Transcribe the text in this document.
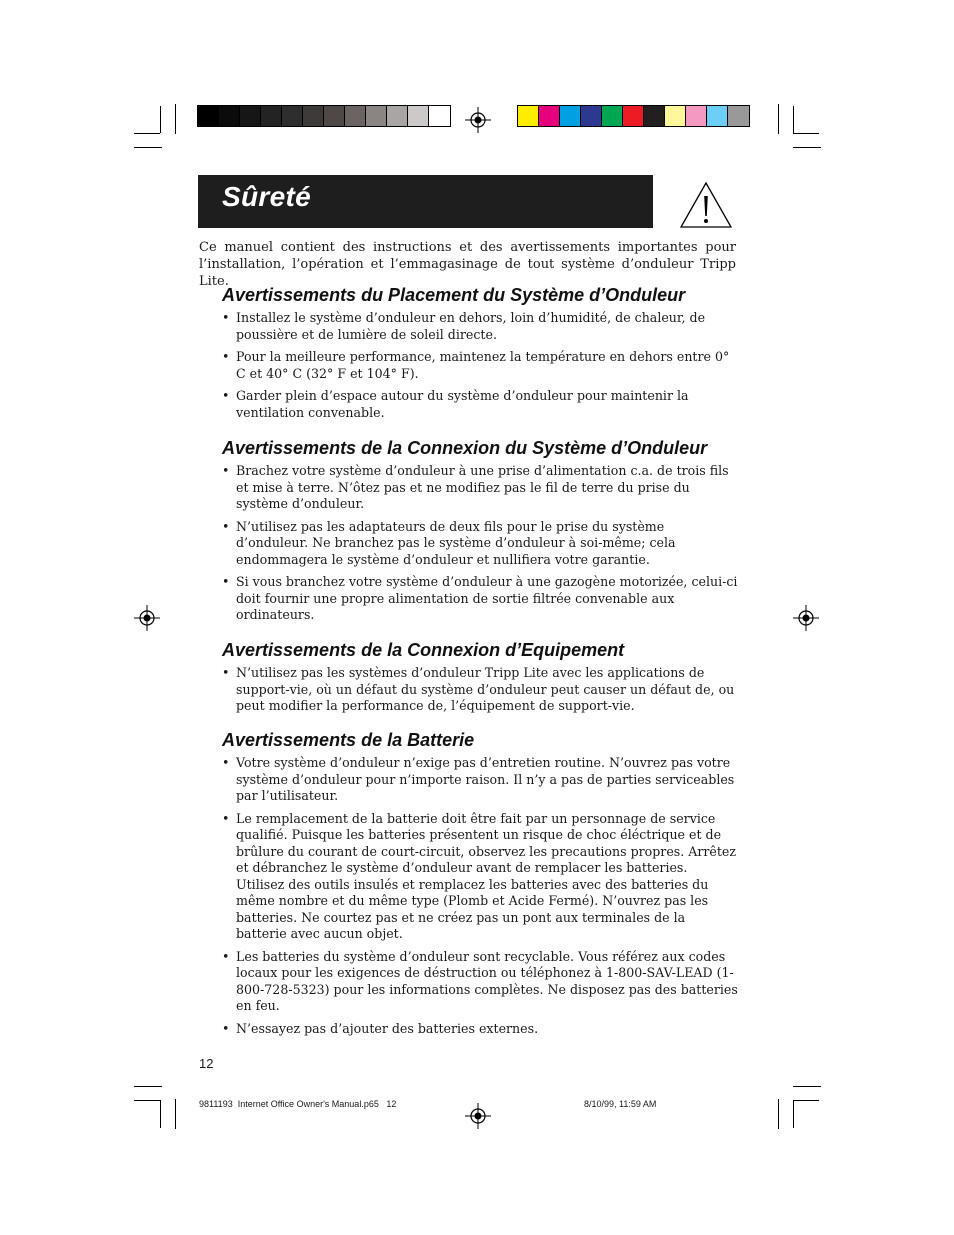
Sûreté
Ce manuel contient des instructions et des avertissements importantes pour l’installation, l’opération et l’emmagasinage de tout système d’onduleur Tripp Lite.
Avertissements du Placement du Système d’Onduleur
• Installez le système d’onduleur en dehors, loin d’humidité, de chaleur, de poussière et de lumière de soleil directe.
• Pour la meilleure performance, maintenez la température en dehors entre 0° C et 40° C (32° F et 104° F).
• Garder plein d’espace autour du système d’onduleur pour maintenir la ventilation convenable.
Avertissements de la Connexion du Système d’Onduleur
• Brachez votre système d’onduleur à une prise d’alimentation c.a. de trois fils et mise à terre. N’ôtez pas et ne modifiez pas le fil de terre du prise du système d’onduleur.
• N’utilisez pas les adaptateurs de deux fils pour le prise du système d’onduleur. Ne branchez pas le système d’onduleur à soi-même; cela endommagera le système d’onduleur et nullifiera votre garantie.
• Si vous branchez votre système d’onduleur à une gazogène motorizée, celui-ci doit fournir une propre alimentation de sortie filtrée convenable aux ordinateurs.
Avertissements de la Connexion d’Equipement
• N’utilisez pas les systèmes d’onduleur Tripp Lite avec les applications de support-vie, où un défaut du système d’onduleur peut causer un défaut de, ou peut modifier la performance de, l’équipement de support-vie.
Avertissements de la Batterie
• Votre système d’onduleur n’exige pas d’entretien routine. N’ouvrez pas votre système d’onduleur pour n’importe raison. Il n’y a pas de parties serviceables par l’utilisateur.
• Le remplacement de la batterie doit être fait par un personnage de service qualifié. Puisque les batteries présentent un risque de choc éléctrique et de brûlure du courant de court-circuit, observez les precautions propres. Arrêtez et débranchez le système d’onduleur avant de remplacer les batteries. Utilisez des outils insulés et remplacez les batteries avec des batteries du même nombre et du même type (Plomb et Acide Fermé). N’ouvrez pas les batteries. Ne courtez pas et ne créez pas un pont aux terminales de la batterie avec aucun objet.
• Les batteries du système d’onduleur sont recyclable. Vous référez aux codes locaux pour les exigences de déstruction ou téléphonez à 1-800-SAV-LEAD (1-800-728-5323) pour les informations complètes. Ne disposez pas des batteries en feu.
• N’essayez pas d’ajouter des batteries externes.
12
9811193  Internet Office Owner's Manual.p65   12	8/10/99, 11:59 AM
